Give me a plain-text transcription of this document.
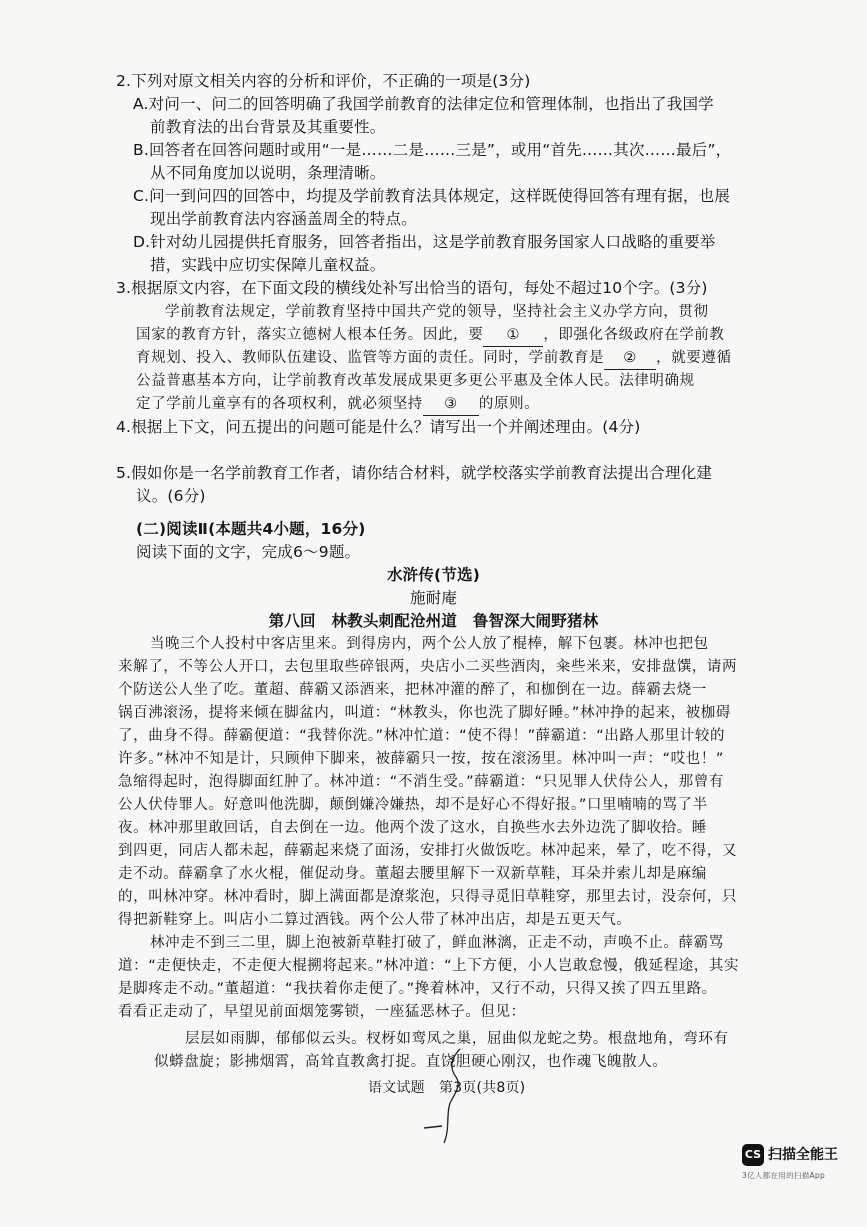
2.下列对原文相关内容的分析和评价，不正确的一项是(3分)
A.对问一、问二的回答明确了我国学前教育的法律定位和管理体制，也指出了我国学
前教育法的出台背景及其重要性。
B.回答者在回答问题时或用“一是……二是……三是”，或用“首先……其次……最后”，
从不同角度加以说明，条理清晰。
C.问一到问四的回答中，均提及学前教育法具体规定，这样既使得回答有理有据，也展
现出学前教育法内容涵盖周全的特点。
D.针对幼儿园提供托育服务，回答者指出，这是学前教育服务国家人口战略的重要举
措，实践中应切实保障儿童权益。
3.根据原文内容，在下面文段的横线处补写出恰当的语句，每处不超过10个字。(3分)
学前教育法规定，学前教育坚持中国共产党的领导，坚持社会主义办学方向，贯彻
国家的教育方针，落实立德树人根本任务。因此，要 ① ，即强化各级政府在学前教
育规划、投入、教师队伍建设、监管等方面的责任。同时，学前教育是 ② ，就要遵循
公益普惠基本方向，让学前教育改革发展成果更多更公平惠及全体人民。法律明确规
定了学前儿童享有的各项权利，就必须坚持 ③ 的原则。
4.根据上下文，问五提出的问题可能是什么？请写出一个并阐述理由。(4分)
5.假如你是一名学前教育工作者，请你结合材料，就学校落实学前教育法提出合理化建
议。(6分)
(二)阅读Ⅱ(本题共4小题，16分)
阅读下面的文字，完成6～9题。
水浒传(节选)
施耐庵
第八回　林教头刺配沧州道　鲁智深大闹野猪林
当晚三个人投村中客店里来。到得房内，两个公人放了棍棒，解下包裹。林冲也把包
来解了，不等公人开口，去包里取些碎银两，央店小二买些酒肉，籴些米来，安排盘馔，请两
个防送公人坐了吃。董超、薛霸又添酒来，把林冲灌的醉了，和枷倒在一边。薛霸去烧一
锅百沸滚汤，提将来倾在脚盆内，叫道：“林教头，你也洗了脚好睡。”林冲挣的起来，被枷碍
了，曲身不得。薛霸便道：“我替你洗。”林冲忙道：“使不得！”薛霸道：“出路人那里计较的
许多。”林冲不知是计，只顾伸下脚来，被薛霸只一按，按在滚汤里。林冲叫一声：“哎也！”
急缩得起时，泡得脚面红肿了。林冲道：“不消生受。”薛霸道：“只见罪人伏侍公人，那曾有
公人伏侍罪人。好意叫他洗脚，颠倒嫌冷嫌热，却不是好心不得好报。”口里喃喃的骂了半
夜。林冲那里敢回话，自去倒在一边。他两个泼了这水，自换些水去外边洗了脚收拾。睡
到四更，同店人都未起，薛霸起来烧了面汤，安排打火做饭吃。林冲起来，晕了，吃不得，又
走不动。薛霸拿了水火棍，催促动身。董超去腰里解下一双新草鞋，耳朵并索儿却是麻编
的，叫林冲穿。林冲看时，脚上满面都是潦浆泡，只得寻觅旧草鞋穿，那里去讨，没奈何，只
得把新鞋穿上。叫店小二算过酒钱。两个公人带了林冲出店，却是五更天气。
林冲走不到三二里，脚上泡被新草鞋打破了，鲜血淋漓，正走不动，声唤不止。薛霸骂
道：“走便快走，不走便大棍搠将起来。”林冲道：“上下方便，小人岂敢怠慢，俄延程途，其实
是脚疼走不动。”董超道：“我扶着你走便了。”搀着林冲，又行不动，只得又挨了四五里路。
看看正走动了，早望见前面烟笼雾锁，一座猛恶林子。但见：
层层如雨脚，郁郁似云头。杈枒如鸾凤之巢，屈曲似龙蛇之势。根盘地角，弯环有
似蟒盘旋；影拂烟霄，高耸直教禽打捉。直饶胆硬心刚汉，也作魂飞魄散人。
语文试题　第3页(共8页)
CS 扫描全能王
3亿人都在用的扫描App
